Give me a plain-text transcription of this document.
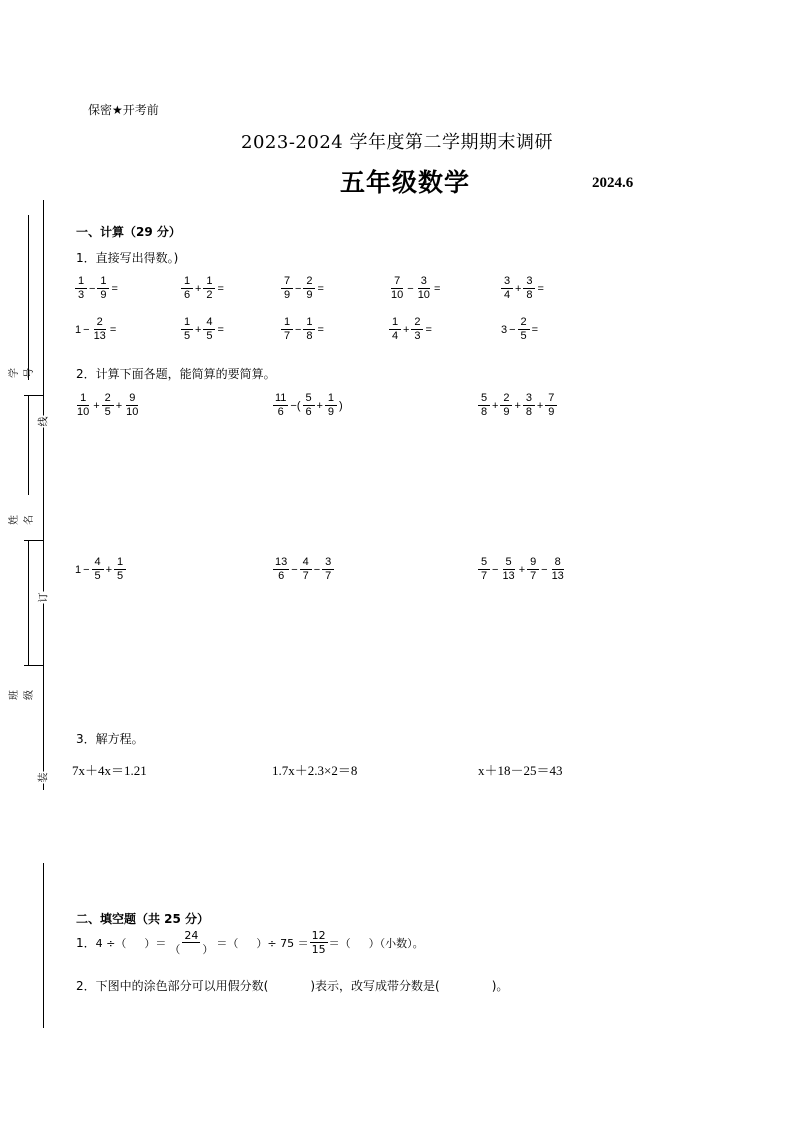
保密★开考前
2023-2024 学年度第二学期期末调研
五年级数学	2024.6
学号
姓名
班级
线
订
装
一、计算（29 分）
1．直接写出得数。)
$\frac{1}{3} - \frac{1}{9}$ =	$\frac{1}{6} + \frac{1}{2}$ =	$\frac{7}{9} - \frac{2}{9}$ =	$\frac{7}{10} - \frac{3}{10}$ =	$\frac{3}{4} + \frac{3}{8}$ =
$1 - \frac{2}{13}$ =	$\frac{1}{5} + \frac{4}{5}$ =	$\frac{1}{7} - \frac{1}{8}$ =	$\frac{1}{4} + \frac{2}{3}$ =	$3 - \frac{2}{5}$ =
2．计算下面各题，能简算的要简算。
$\frac{1}{10} + \frac{2}{5} + \frac{9}{10}$	$\frac{11}{6}$ −( $\frac{5}{6} + \frac{1}{9}$ )	$\frac{5}{8} + \frac{2}{9} + \frac{3}{8} + \frac{7}{9}$
$1 - \frac{4}{5} + \frac{1}{5}$	$\frac{13}{6} - \frac{4}{7} - \frac{3}{7}$	$\frac{5}{7} - \frac{5}{13} + \frac{9}{7} - \frac{8}{13}$
3．解方程。
7x＋4x＝1.21	1.7x＋2.3×2＝8	x＋18－25＝43
二、填空题（共 25 分）
1． 4 ÷（ ）＝ $\frac{24}{( )}$ ＝（ ）÷ $75 = \frac{12}{15}$ ＝（ ）（小数）。
2．下图中的涂色部分可以用假分数(	)表示，改写成带分数是(	)。
